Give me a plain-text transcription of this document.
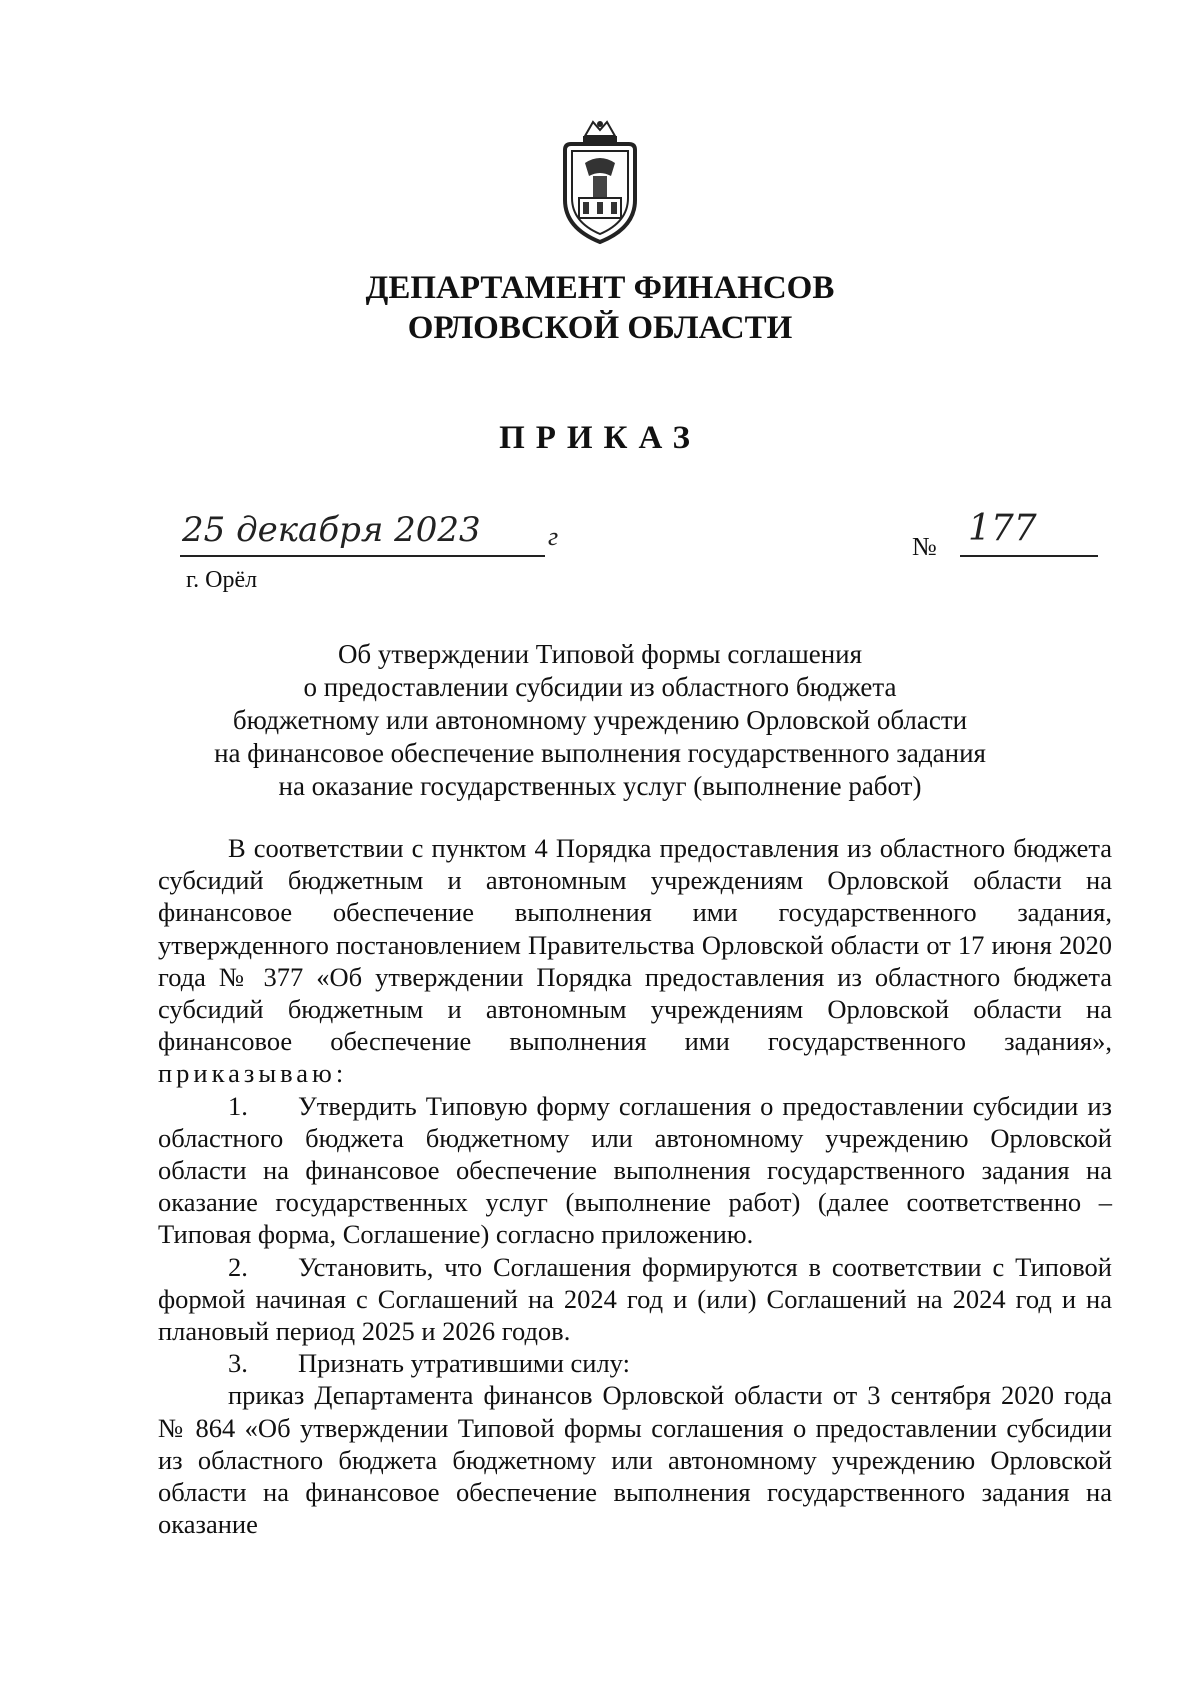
ДЕПАРТАМЕНТ ФИНАНСОВ
ОРЛОВСКОЙ ОБЛАСТИ
ПРИКАЗ
25 декабря 2023	г
г. Орёл
№ 177
Об утверждении Типовой формы соглашения
о предоставлении субсидии из областного бюджета
бюджетному или автономному учреждению Орловской области
на финансовое обеспечение выполнения государственного задания
на оказание государственных услуг (выполнение работ)

В соответствии с пунктом 4 Порядка предоставления из областного бюджета субсидий бюджетным и автономным учреждениям Орловской области на финансовое обеспечение выполнения ими государственного задания, утвержденного постановлением Правительства Орловской области от 17 июня 2020 года № 377 «Об утверждении Порядка предоставления из областного бюджета субсидий бюджетным и автономным учреждениям Орловской области на финансовое обеспечение выполнения ими государственного задания», приказываю:

1. Утвердить Типовую форму соглашения о предоставлении субсидии из областного бюджета бюджетному или автономному учреждению Орловской области на финансовое обеспечение выполнения государственного задания на оказание государственных услуг (выполнение работ) (далее соответственно – Типовая форма, Соглашение) согласно приложению.

2. Установить, что Соглашения формируются в соответствии с Типовой формой начиная с Соглашений на 2024 год и (или) Соглашений на 2024 год и на плановый период 2025 и 2026 годов.

3. Признать утратившими силу:

приказ Департамента финансов Орловской области от 3 сентября 2020 года № 864 «Об утверждении Типовой формы соглашения о предоставлении субсидии из областного бюджета бюджетному или автономному учреждению Орловской области на финансовое обеспечение выполнения государственного задания на оказание
